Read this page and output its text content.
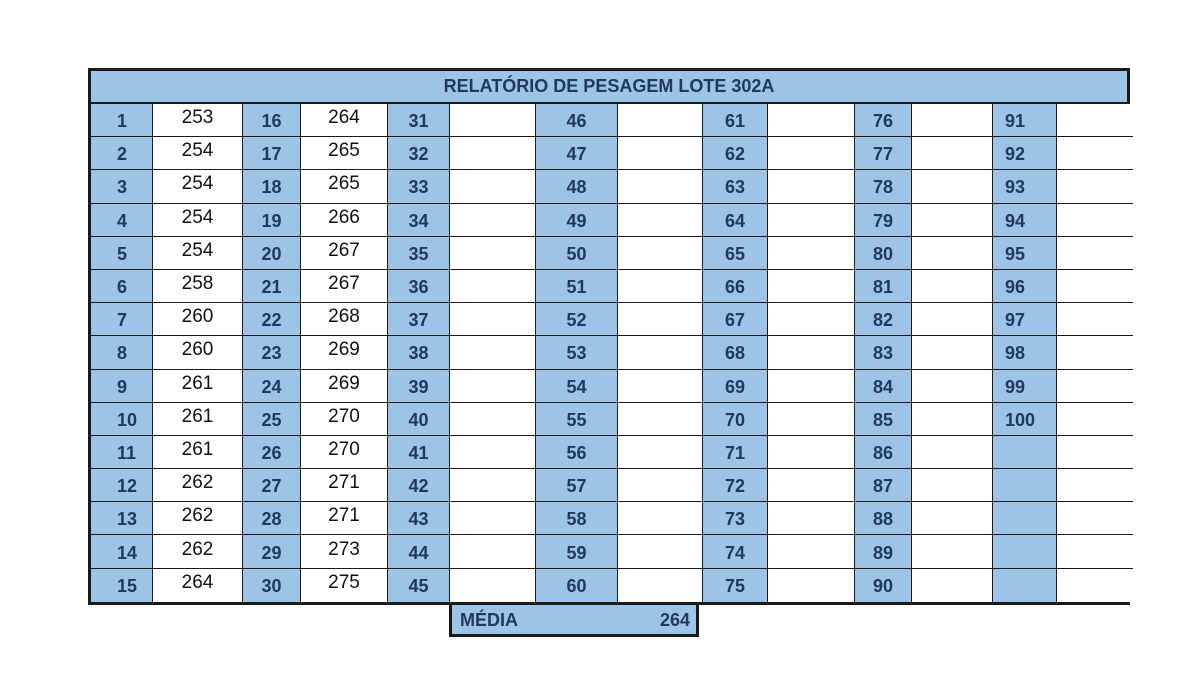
RELATÓRIO DE PESAGEM LOTE 302A
1	253	16	264	31	46	61	76	91
2	254	17	265	32	47	62	77	92
3	254	18	265	33	48	63	78	93
4	254	19	266	34	49	64	79	94
5	254	20	267	35	50	65	80	95
6	258	21	267	36	51	66	81	96
7	260	22	268	37	52	67	82	97
8	260	23	269	38	53	68	83	98
9	261	24	269	39	54	69	84	99
10	261	25	270	40	55	70	85	100
11	261	26	270	41	56	71	86
12	262	27	271	42	57	72	87
13	262	28	271	43	58	73	88
14	262	29	273	44	59	74	89
15	264	30	275	45	60	75	90
MÉDIA	264
